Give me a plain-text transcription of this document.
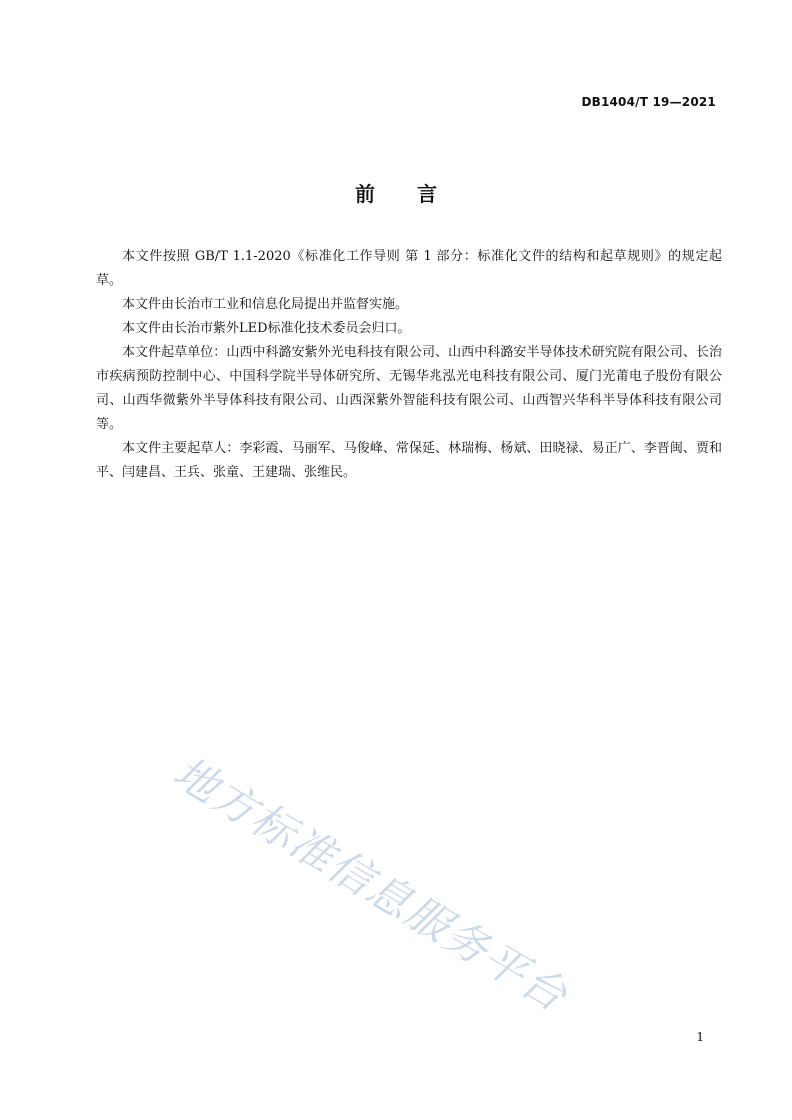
DB1404/T 19—2021
前 言

本文件按照 GB/T 1.1-2020《标准化工作导则 第 1 部分：标准化文件的结构和起草规则》的规定起草。

本文件由长治市工业和信息化局提出并监督实施。

本文件由长治市紫外LED标准化技术委员会归口。

本文件起草单位：山西中科潞安紫外光电科技有限公司、山西中科潞安半导体技术研究院有限公司、长治市疾病预防控制中心、中国科学院半导体研究所、无锡华兆泓光电科技有限公司、厦门光莆电子股份有限公司、山西华微紫外半导体科技有限公司、山西深紫外智能科技有限公司、山西智兴华科半导体科技有限公司等。

本文件主要起草人：李彩霞、马丽军、马俊峰、常保延、林瑞梅、杨斌、田晓禄、易正广、李晋闽、贾和平、闫建昌、王兵、张童、王建瑞、张维民。

地方标准信息服务平台
1
